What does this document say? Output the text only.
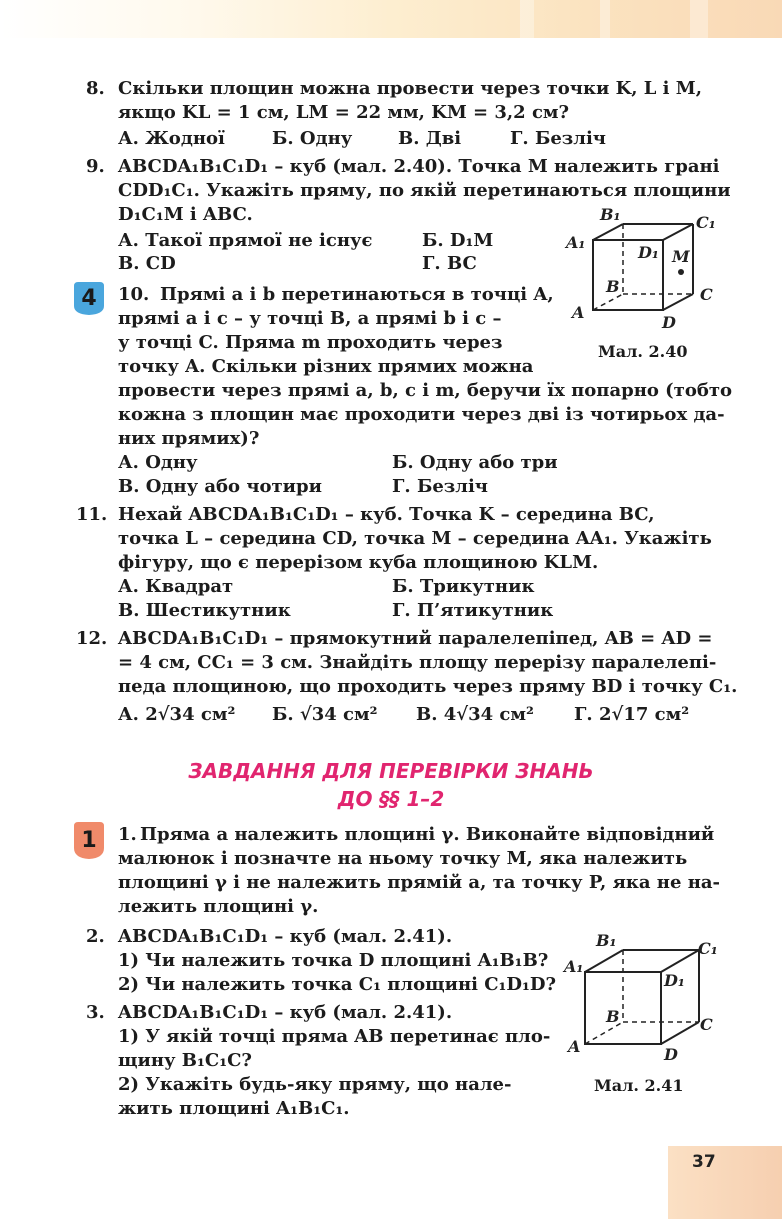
8. Скільки площин можна провести через точки K, L і M,
якщо KL = 1 см, LM = 22 мм, KM = 3,2 см?
А. Жодної	Б. Одну	В. Дві	Г. Безліч
9. ABCDA₁B₁C₁D₁ – куб (мал. 2.40). Точка M належить грані
CDD₁C₁. Укажіть пряму, по якій перетинаються площини
D₁C₁M і ABC.
А. Такої прямої не існує	Б. D₁M
В. CD	Г. BC
B₁	C₁
A₁
D₁ M
B	C
A
D
Мал. 2.40
4 10. Прямі a і b перетинаються в точці A,
прямі a і c – у точці B, а прямі b і c –
у точці C. Пряма m проходить через
точку A. Скільки різних прямих можна
провести через прямі a, b, c і m, беручи їх попарно (тобто
кожна з площин має проходити через дві із чотирьох да-
них прямих)?
А. Одну	Б. Одну або три
В. Одну або чотири	Г. Безліч
11. Нехай ABCDA₁B₁C₁D₁ – куб. Точка K – середина BC,
точка L – середина CD, точка M – середина AA₁. Укажіть
фігуру, що є перерізом куба площиною KLM.
А. Квадрат	Б. Трикутник
В. Шестикутник	Г. П’ятикутник
12. ABCDA₁B₁C₁D₁ – прямокутний паралелепіпед, AB = AD =
= 4 см, CC₁ = 3 см. Знайдіть площу перерізу паралелепі-
педа площиною, що проходить через пряму BD і точку C₁.
А. 2√34 см² Б. √34 см² В. 4√34 см² Г. 2√17 см²
ЗАВДАННЯ ДЛЯ ПЕРЕВІРКИ ЗНАНЬ
ДО §§ 1–2
1 1. Пряма a належить площині γ. Виконайте відповідний
малюнок і позначте на ньому точку M, яка належить
площині γ і не належить прямій a, та точку P, яка не на-
лежить площині γ.
2. ABCDA₁B₁C₁D₁ – куб (мал. 2.41).
1) Чи належить точка D площині A₁B₁B?
2) Чи належить точка C₁ площині C₁D₁D?
3. ABCDA₁B₁C₁D₁ – куб (мал. 2.41).
1) У якій точці пряма AB перетинає пло-
щину B₁C₁C?
2) Укажіть будь-яку пряму, що нале-
жить площині A₁B₁C₁.
B₁	C₁
A₁
D₁
B	C
A	D
Мал. 2.41
37
